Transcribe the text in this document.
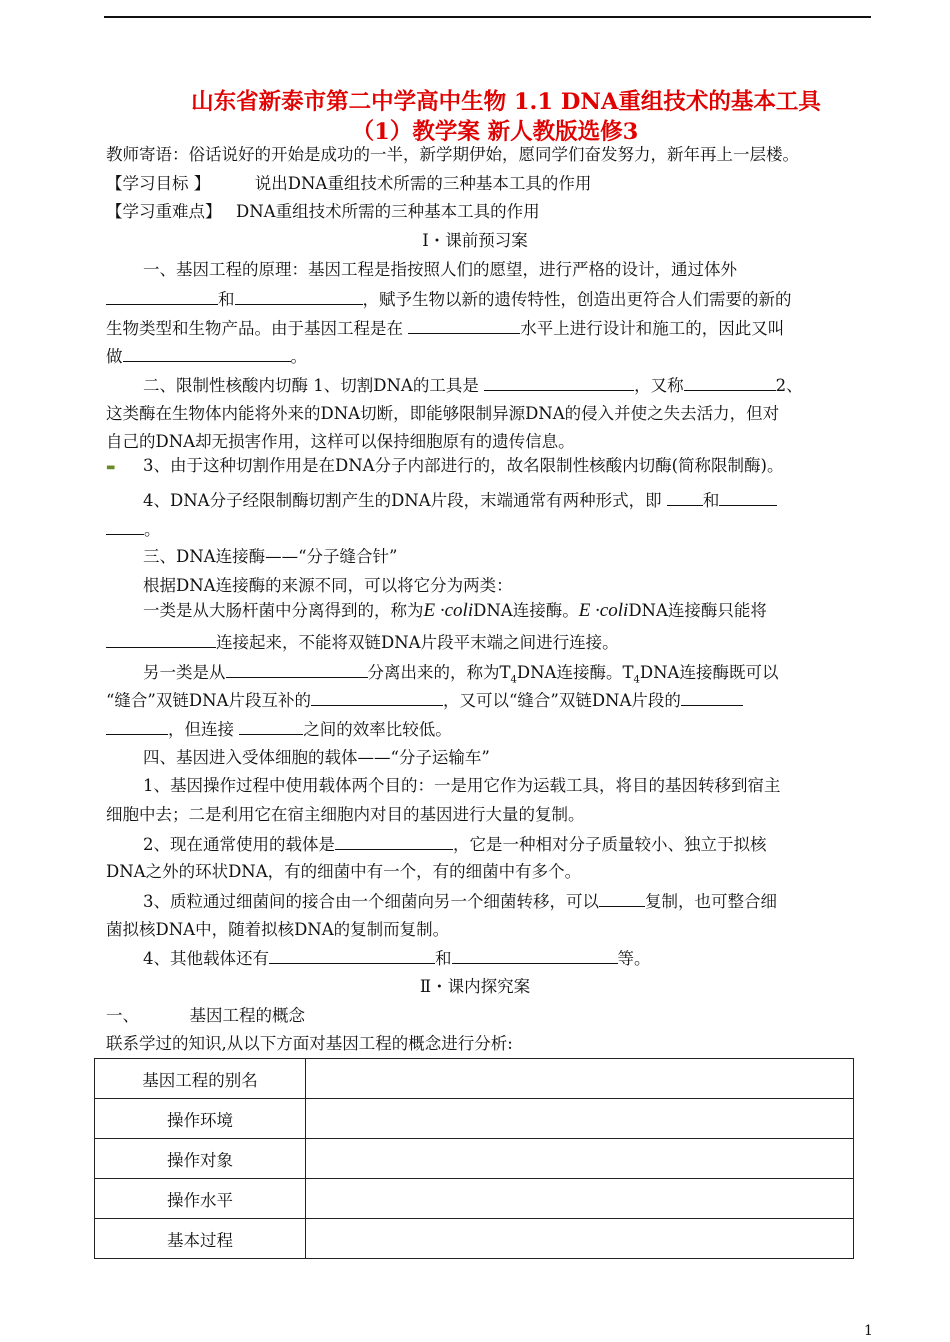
山东省新泰市第二中学高中生物 1.1 DNA重组技术的基本工具
（1）教学案 新人教版选修3
教师寄语：俗话说好的开始是成功的一半，新学期伊始，愿同学们奋发努力，新年再上一层楼。
【学习目标 】	说出DNA重组技术所需的三种基本工具的作用
【学习重难点】 DNA重组技术所需的三种基本工具的作用
Ⅰ・课前预习案
一、基因工程的原理：基因工程是指按照人们的愿望，进行严格的设计，通过体外
和	，赋予生物以新的遗传特性，创造出更符合人们需要的新的
生物类型和生物产品。由于基因工程是在	水平上进行设计和施工的，因此又叫
做	。
二、限制性核酸内切酶 1、切割DNA的工具是	，又称	2、
这类酶在生物体内能将外来的DNA切断，即能够限制异源DNA的侵入并使之失去活力，但对
自己的DNA却无损害作用，这样可以保持细胞原有的遗传信息。
▬ 3、由于这种切割作用是在DNA分子内部进行的，故名限制性核酸内切酶(简称限制酶)。
4、DNA分子经限制酶切割产生的DNA片段，末端通常有两种形式，即	和
。
三、DNA连接酶——“分子缝合针”
根据DNA连接酶的来源不同，可以将它分为两类：
一类是从大肠杆菌中分离得到的，称为E ·coliDNA连接酶。E ·coliDNA连接酶只能将
连接起来，不能将双链DNA片段平末端之间进行连接。
另一类是从	分离出来的，称为$T_4DNA$连接酶。$T_4DNA$连接酶既可以
“缝合”双链DNA片段互补的	，又可以“缝合”双链DNA片段的
，但连接	之间的效率比较低。
四、基因进入受体细胞的载体——“分子运输车”
1、基因操作过程中使用载体两个目的：一是用它作为运载工具，将目的基因转移到宿主
细胞中去；二是利用它在宿主细胞内对目的基因进行大量的复制。
2、现在通常使用的载体是	，它是一种相对分子质量较小、独立于拟核
DNA之外的环状DNA，有的细菌中有一个，有的细菌中有多个。
3、质粒通过细菌间的接合由一个细菌向另一个细菌转移，可以	复制，也可整合细
菌拟核DNA中，随着拟核DNA的复制而复制。
4、其他载体还有	和	等。
Ⅱ・课内探究案
一、	基因工程的概念
联系学过的知识,从以下方面对基因工程的概念进行分析:
基因工程的别名	
操作环境	
操作对象	
操作水平	
基本过程	
1
